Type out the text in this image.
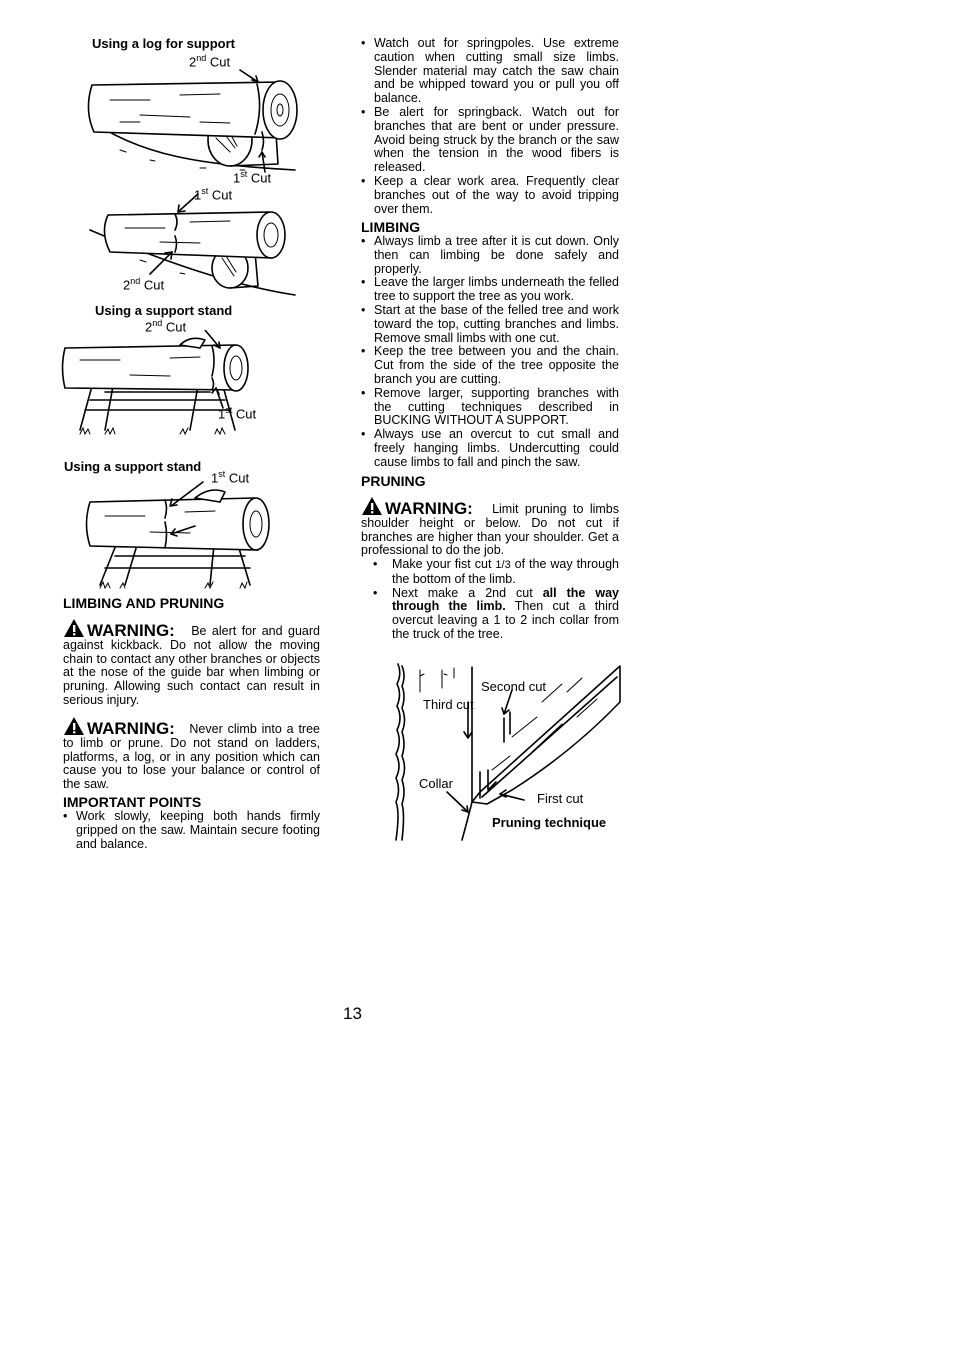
Using a log for support
2nd Cut
1st Cut
1st Cut
2nd Cut
Using a support stand
2nd Cut
1st Cut
Using a support stand
1st Cut
LIMBING AND PRUNING
WARNING: Be alert for and guard against kickback. Do not allow the moving chain to contact any other branches or objects at the nose of the guide bar when limbing or pruning. Allowing such contact can result in serious injury.
WARNING: Never climb into a tree to limb or prune. Do not stand on ladders, platforms, a log, or in any position which can cause you to lose your balance or control of the saw.
IMPORTANT POINTS
• Work slowly, keeping both hands firmly gripped on the saw. Maintain secure footing and balance.
• Watch out for springpoles. Use extreme caution when cutting small size limbs. Slender material may catch the saw chain and be whipped toward you or pull you off balance.
• Be alert for springback. Watch out for branches that are bent or under pressure. Avoid being struck by the branch or the saw when the tension in the wood fibers is released.
• Keep a clear work area. Frequently clear branches out of the way to avoid tripping over them.
LIMBING
• Always limb a tree after it is cut down. Only then can limbing be done safely and properly.
• Leave the larger limbs underneath the felled tree to support the tree as you work.
• Start at the base of the felled tree and work toward the top, cutting branches and limbs. Remove small limbs with one cut.
• Keep the tree between you and the chain. Cut from the side of the tree opposite the branch you are cutting.
• Remove larger, supporting branches with the cutting techniques described in BUCKING WITHOUT A SUPPORT.
• Always use an overcut to cut small and freely hanging limbs. Undercutting could cause limbs to fall and pinch the saw.
PRUNING
WARNING: Limit pruning to limbs shoulder height or below. Do not cut if branches are higher than your shoulder. Get a professional to do the job.
• Make your fist cut 1/3 of the way through the bottom of the limb.
• Next make a 2nd cut all the way through the limb. Then cut a third overcut leaving a 1 to 2 inch collar from the truck of the tree.
Second cut
Third cut
Collar
First cut
Pruning technique
13
